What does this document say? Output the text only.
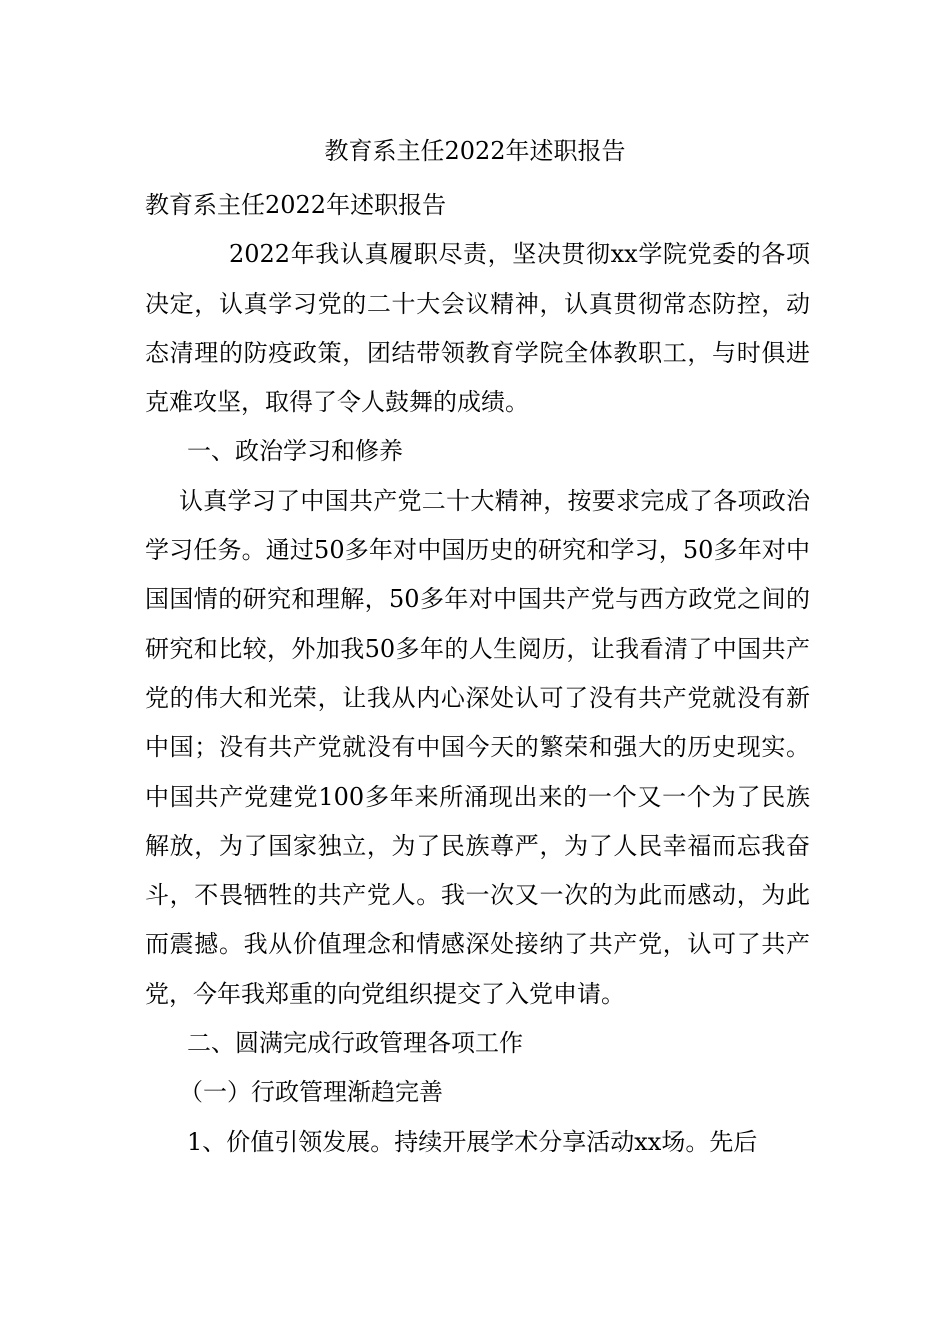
教育系主任2022年述职报告

教育系主任2022年述职报告

2022年我认真履职尽责，坚决贯彻xx学院党委的各项决定，认真学习党的二十大会议精神，认真贯彻常态防控，动态清理的防疫政策，团结带领教育学院全体教职工，与时俱进克难攻坚，取得了令人鼓舞的成绩。

一、政治学习和修养

认真学习了中国共产党二十大精神，按要求完成了各项政治学习任务。通过50多年对中国历史的研究和学习，50多年对中国国情的研究和理解，50多年对中国共产党与西方政党之间的研究和比较，外加我50多年的人生阅历，让我看清了中国共产党的伟大和光荣，让我从内心深处认可了没有共产党就没有新中国；没有共产党就没有中国今天的繁荣和强大的历史现实。中国共产党建党100多年来所涌现出来的一个又一个为了民族解放，为了国家独立，为了民族尊严，为了人民幸福而忘我奋斗，不畏牺牲的共产党人。我一次又一次的为此而感动，为此而震撼。我从价值理念和情感深处接纳了共产党，认可了共产党，今年我郑重的向党组织提交了入党申请。

二、圆满完成行政管理各项工作

（一）行政管理渐趋完善

1、价值引领发展。持续开展学术分享活动xx场。先后
